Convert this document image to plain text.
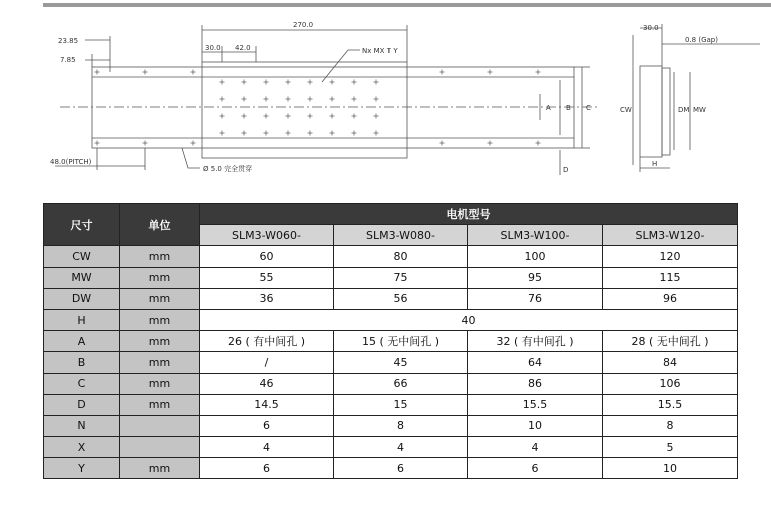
270.0
23.85
7.85
30.0 42.0	Nx MX 𝐓 Y
48.0(PITCH)
Ø 5.0 完全贯穿
A B C
D
30.0
0.8 (Gap)
CW	DM MW
H
尺寸	单位	电机型号			
		SLM3-W060-	SLM3-W080-	SLM3-W100-	SLM3-W120-
CW	mm	60	80	100	120
MW	mm	55	75	95	115
DW	mm	36	56	76	96
H	mm	40			
A	mm	26 ( 有中间孔 )	15 ( 无中间孔 )	32 ( 有中间孔 )	28 ( 无中间孔 )
B	mm	/	45	64	84
C	mm	46	66	86	106
D	mm	14.5	15	15.5	15.5
N		6	8	10	8
X		4	4	4	5
Y	mm	6	6	6	10
